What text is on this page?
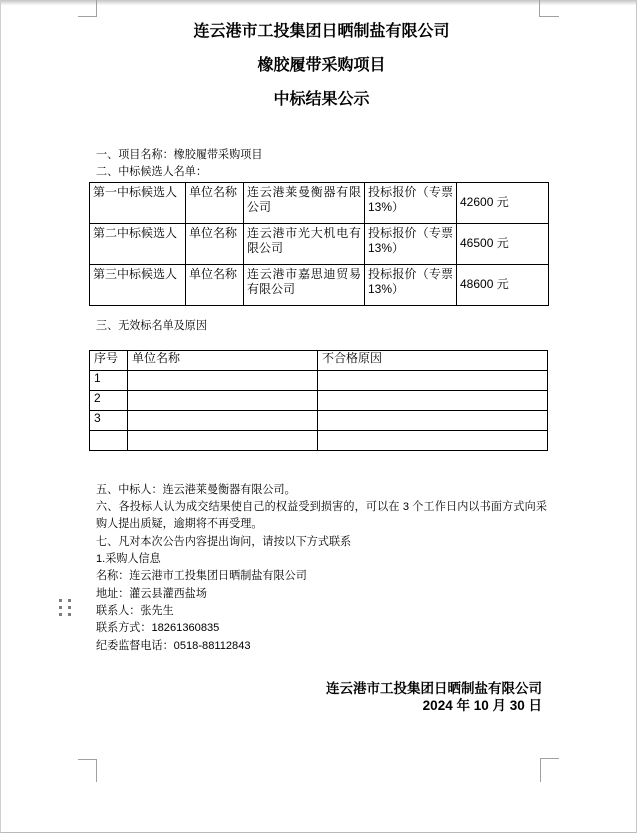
连云港市工投集团日晒制盐有限公司
橡胶履带采购项目
中标结果公示

一、项目名称：橡胶履带采购项目

二、中标候选人名单：

第一中标候选人	单位名称	连云港莱曼衡器有限公司	投标报价（专票 13%）	42600 元
第二中标候选人	单位名称	连云港市光大机电有限公司	投标报价（专票 13%）	46500 元
第三中标候选人	单位名称	连云港市嘉思迪贸易有限公司	投标报价（专票 13%）	48600 元

三、无效标名单及原因

序号	单位名称	不合格原因
1		
2		
3		

五、中标人：连云港莱曼衡器有限公司。

六、各投标人认为成交结果使自己的权益受到损害的，可以在 3 个工作日内以书面方式向采购人提出质疑，逾期将不再受理。

七、凡对本次公告内容提出询问，请按以下方式联系

1.采购人信息

名称：连云港市工投集团日晒制盐有限公司
地址：灌云县灌西盐场
联系人：张先生
联系方式：18261360835
纪委监督电话：0518-88112843
连云港市工投集团日晒制盐有限公司
2024 年 10 月 30 日
